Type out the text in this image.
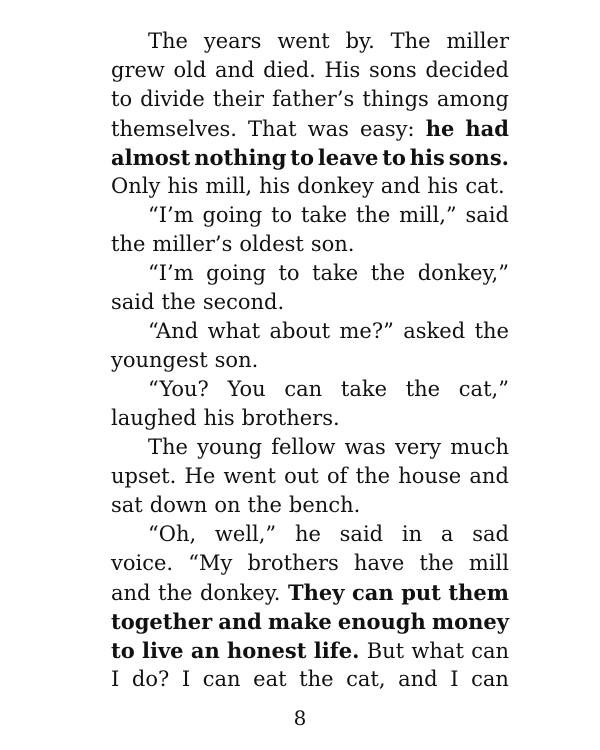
The years went by. The miller
grew old and died. His sons decided
to divide their father’s things among
themselves. That was easy: he had
almost nothing to leave to his sons.
Only his mill, his donkey and his cat.
“I’m going to take the mill,” said
the miller’s oldest son.
“I’m going to take the donkey,”
said the second.
“And what about me?” asked the
youngest son.
“You? You can take the cat,”
laughed his brothers.
The young fellow was very much
upset. He went out of the house and
sat down on the bench.
“Oh, well,” he said in a sad
voice. “My brothers have the mill
and the donkey. They can put them
together and make enough money
to live an honest life. But what can
I do? I can eat the cat, and I can
8
